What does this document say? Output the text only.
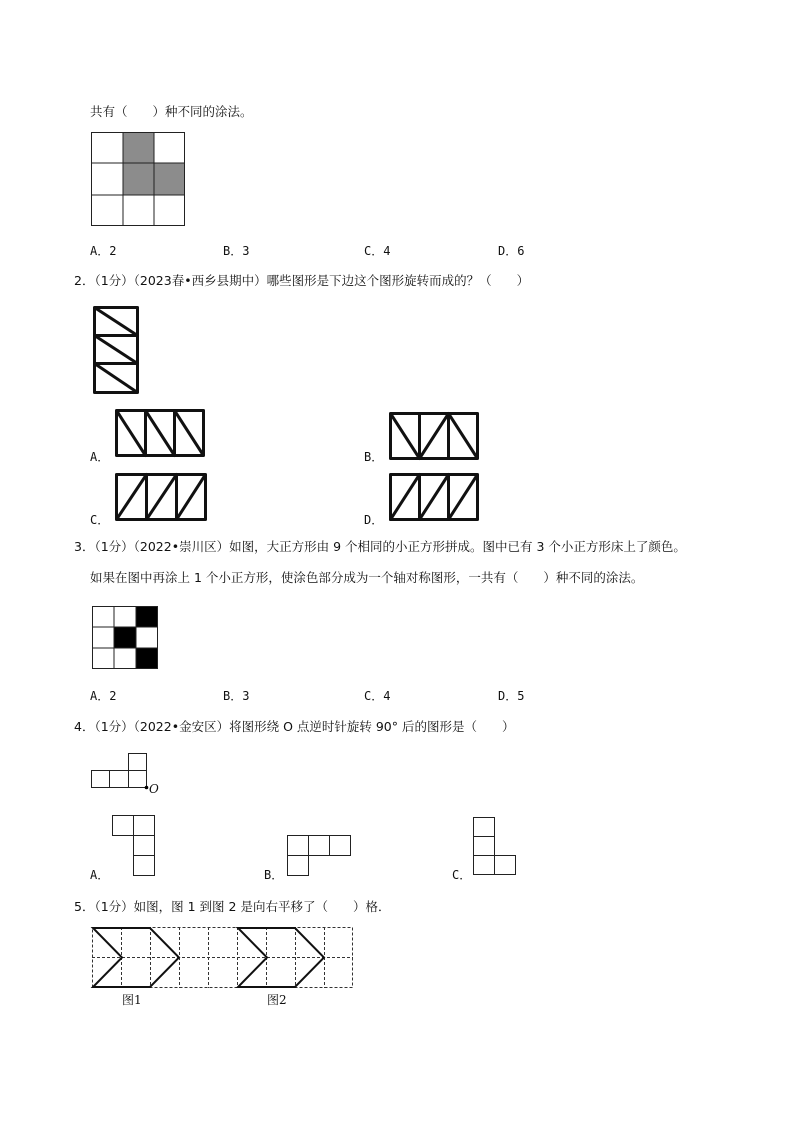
共有（　　）种不同的涂法。
A．2	B．3	C．4	D．6
2．（1分）（2023春•西乡县期中）哪些图形是下边这个图形旋转而成的？（　　）
A．	B．
C．	D．
3．（1分）（2022•崇川区）如图，大正方形由 9 个相同的小正方形拼成。图中已有 3 个小正方形床上了颜色。
如果在图中再涂上 1 个小正方形，使涂色部分成为一个轴对称图形，一共有（　　）种不同的涂法。
A．2	B．3	C．4	D．5
4．（1分）（2022•金安区）将图形绕 O 点逆时针旋转 90° 后的图形是（　　）
O
A．	B．	C．
5．（1分）如图，图 1 到图 2 是向右平移了（　　）格．
图1	图2
